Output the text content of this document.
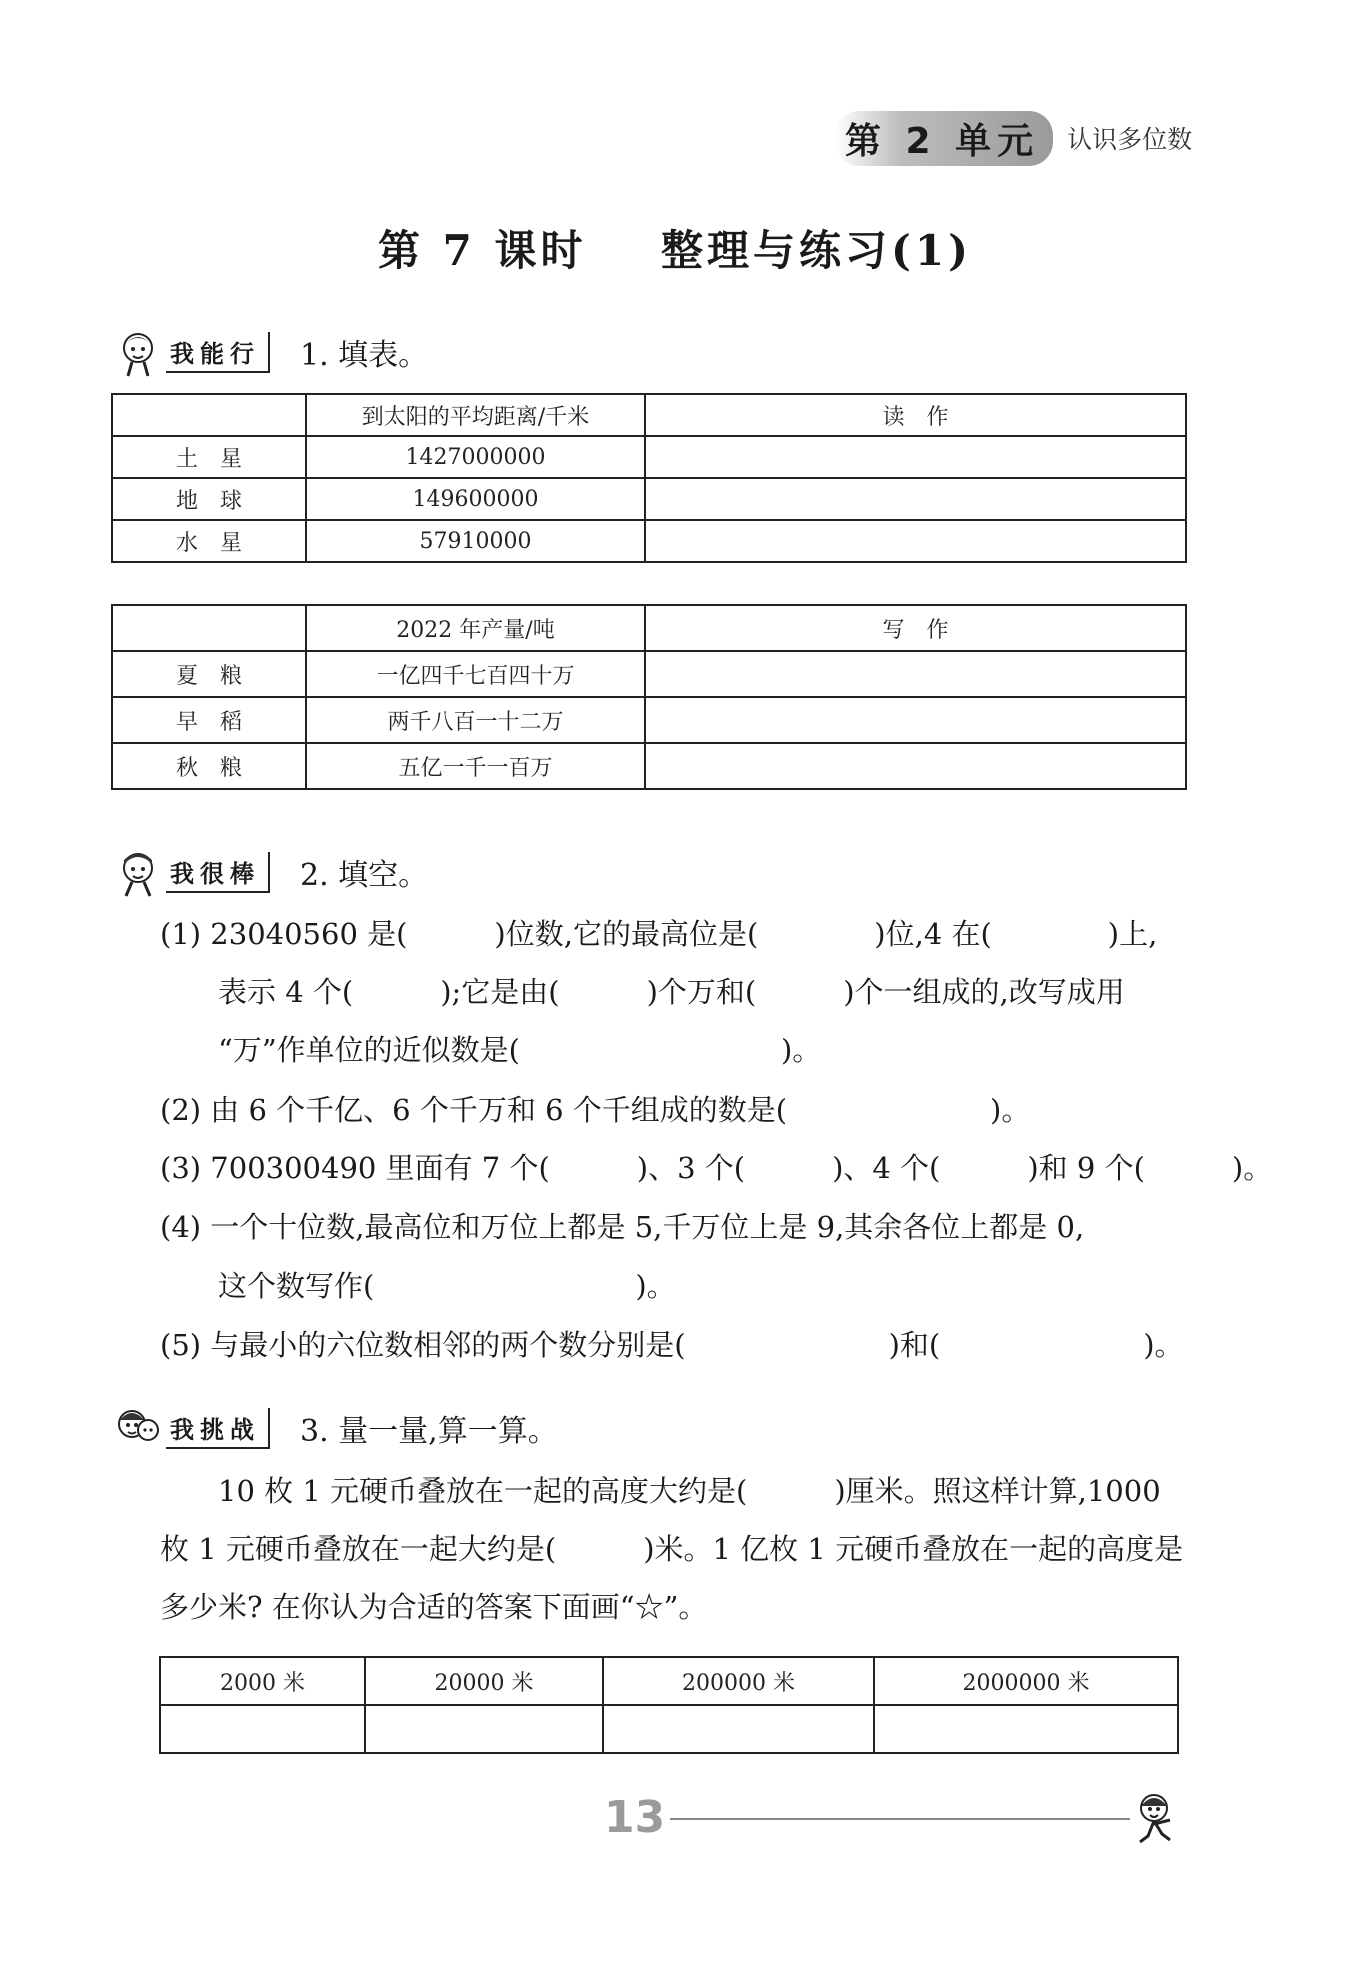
第 2 单元	认识多位数
第 7 课时    整理与练习(1)
我能行	1. 填表。
	到太阳的平均距离/千米	读　作
土　星	1427000000	
地　球	149600000	
水　星	57910000	
	2022 年产量/吨	写　作
夏　粮	一亿四千七百四十万	
早　稻	两千八百一十二万	
秋　粮	五亿一千一百万	
我很棒	2. 填空。
(1) 23040560 是(　　　)位数,它的最高位是(　　　　)位,4 在(　　　　)上,
表示 4 个(　　　);它是由(　　　)个万和(　　　)个一组成的,改写成用
“万”作单位的近似数是(　　　　　　　　　)。
(2) 由 6 个千亿、6 个千万和 6 个千组成的数是(　　　　　　　)。
(3) 700300490 里面有 7 个(　　　)、3 个(　　　)、4 个(　　　)和 9 个(　　　)。
(4) 一个十位数,最高位和万位上都是 5,千万位上是 9,其余各位上都是 0,
这个数写作(　　　　　　　　　)。
(5) 与最小的六位数相邻的两个数分别是(　　　　　　　)和(　　　　　　　)。
我挑战	3. 量一量,算一算。
　　10 枚 1 元硬币叠放在一起的高度大约是(　　　)厘米。照这样计算,1000 枚 1 元硬币叠放在一起大约是(　　　)米。1 亿枚 1 元硬币叠放在一起的高度是多少米? 在你认为合适的答案下面画“☆”。
2000 米	20000 米	200000 米	2000000 米

13
